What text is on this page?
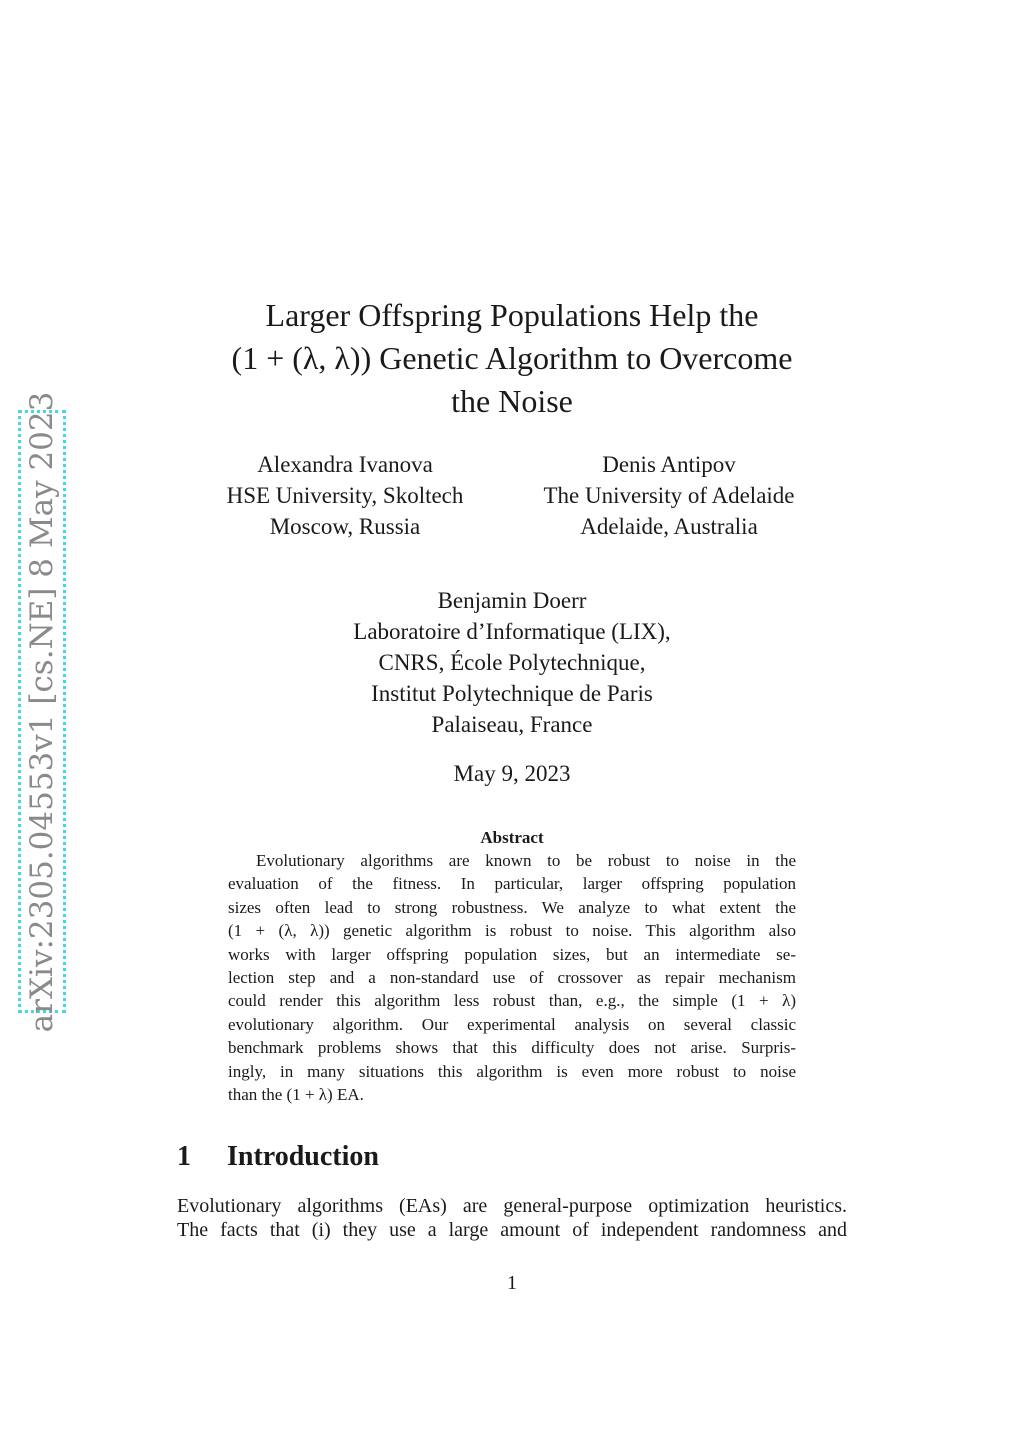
arXiv:2305.04553v1 [cs.NE] 8 May 2023
Larger Offspring Populations Help the
(1 + (λ, λ)) Genetic Algorithm to Overcome
the Noise
Alexandra Ivanova
HSE University, Skoltech
Moscow, Russia
Denis Antipov
The University of Adelaide
Adelaide, Australia
Benjamin Doerr
Laboratoire d’Informatique (LIX),
CNRS, École Polytechnique,
Institut Polytechnique de Paris
Palaiseau, France
May 9, 2023
Abstract
Evolutionary algorithms are known to be robust to noise in the
evaluation of the fitness. In particular, larger offspring population
sizes often lead to strong robustness. We analyze to what extent the
(1 + (λ, λ)) genetic algorithm is robust to noise. This algorithm also
works with larger offspring population sizes, but an intermediate se-
lection step and a non-standard use of crossover as repair mechanism
could render this algorithm less robust than, e.g., the simple (1 + λ)
evolutionary algorithm. Our experimental analysis on several classic
benchmark problems shows that this difficulty does not arise. Surpris-
ingly, in many situations this algorithm is even more robust to noise
than the (1 + λ) EA.
1 Introduction
Evolutionary algorithms (EAs) are general-purpose optimization heuristics.
The facts that (i) they use a large amount of independent randomness and
1
